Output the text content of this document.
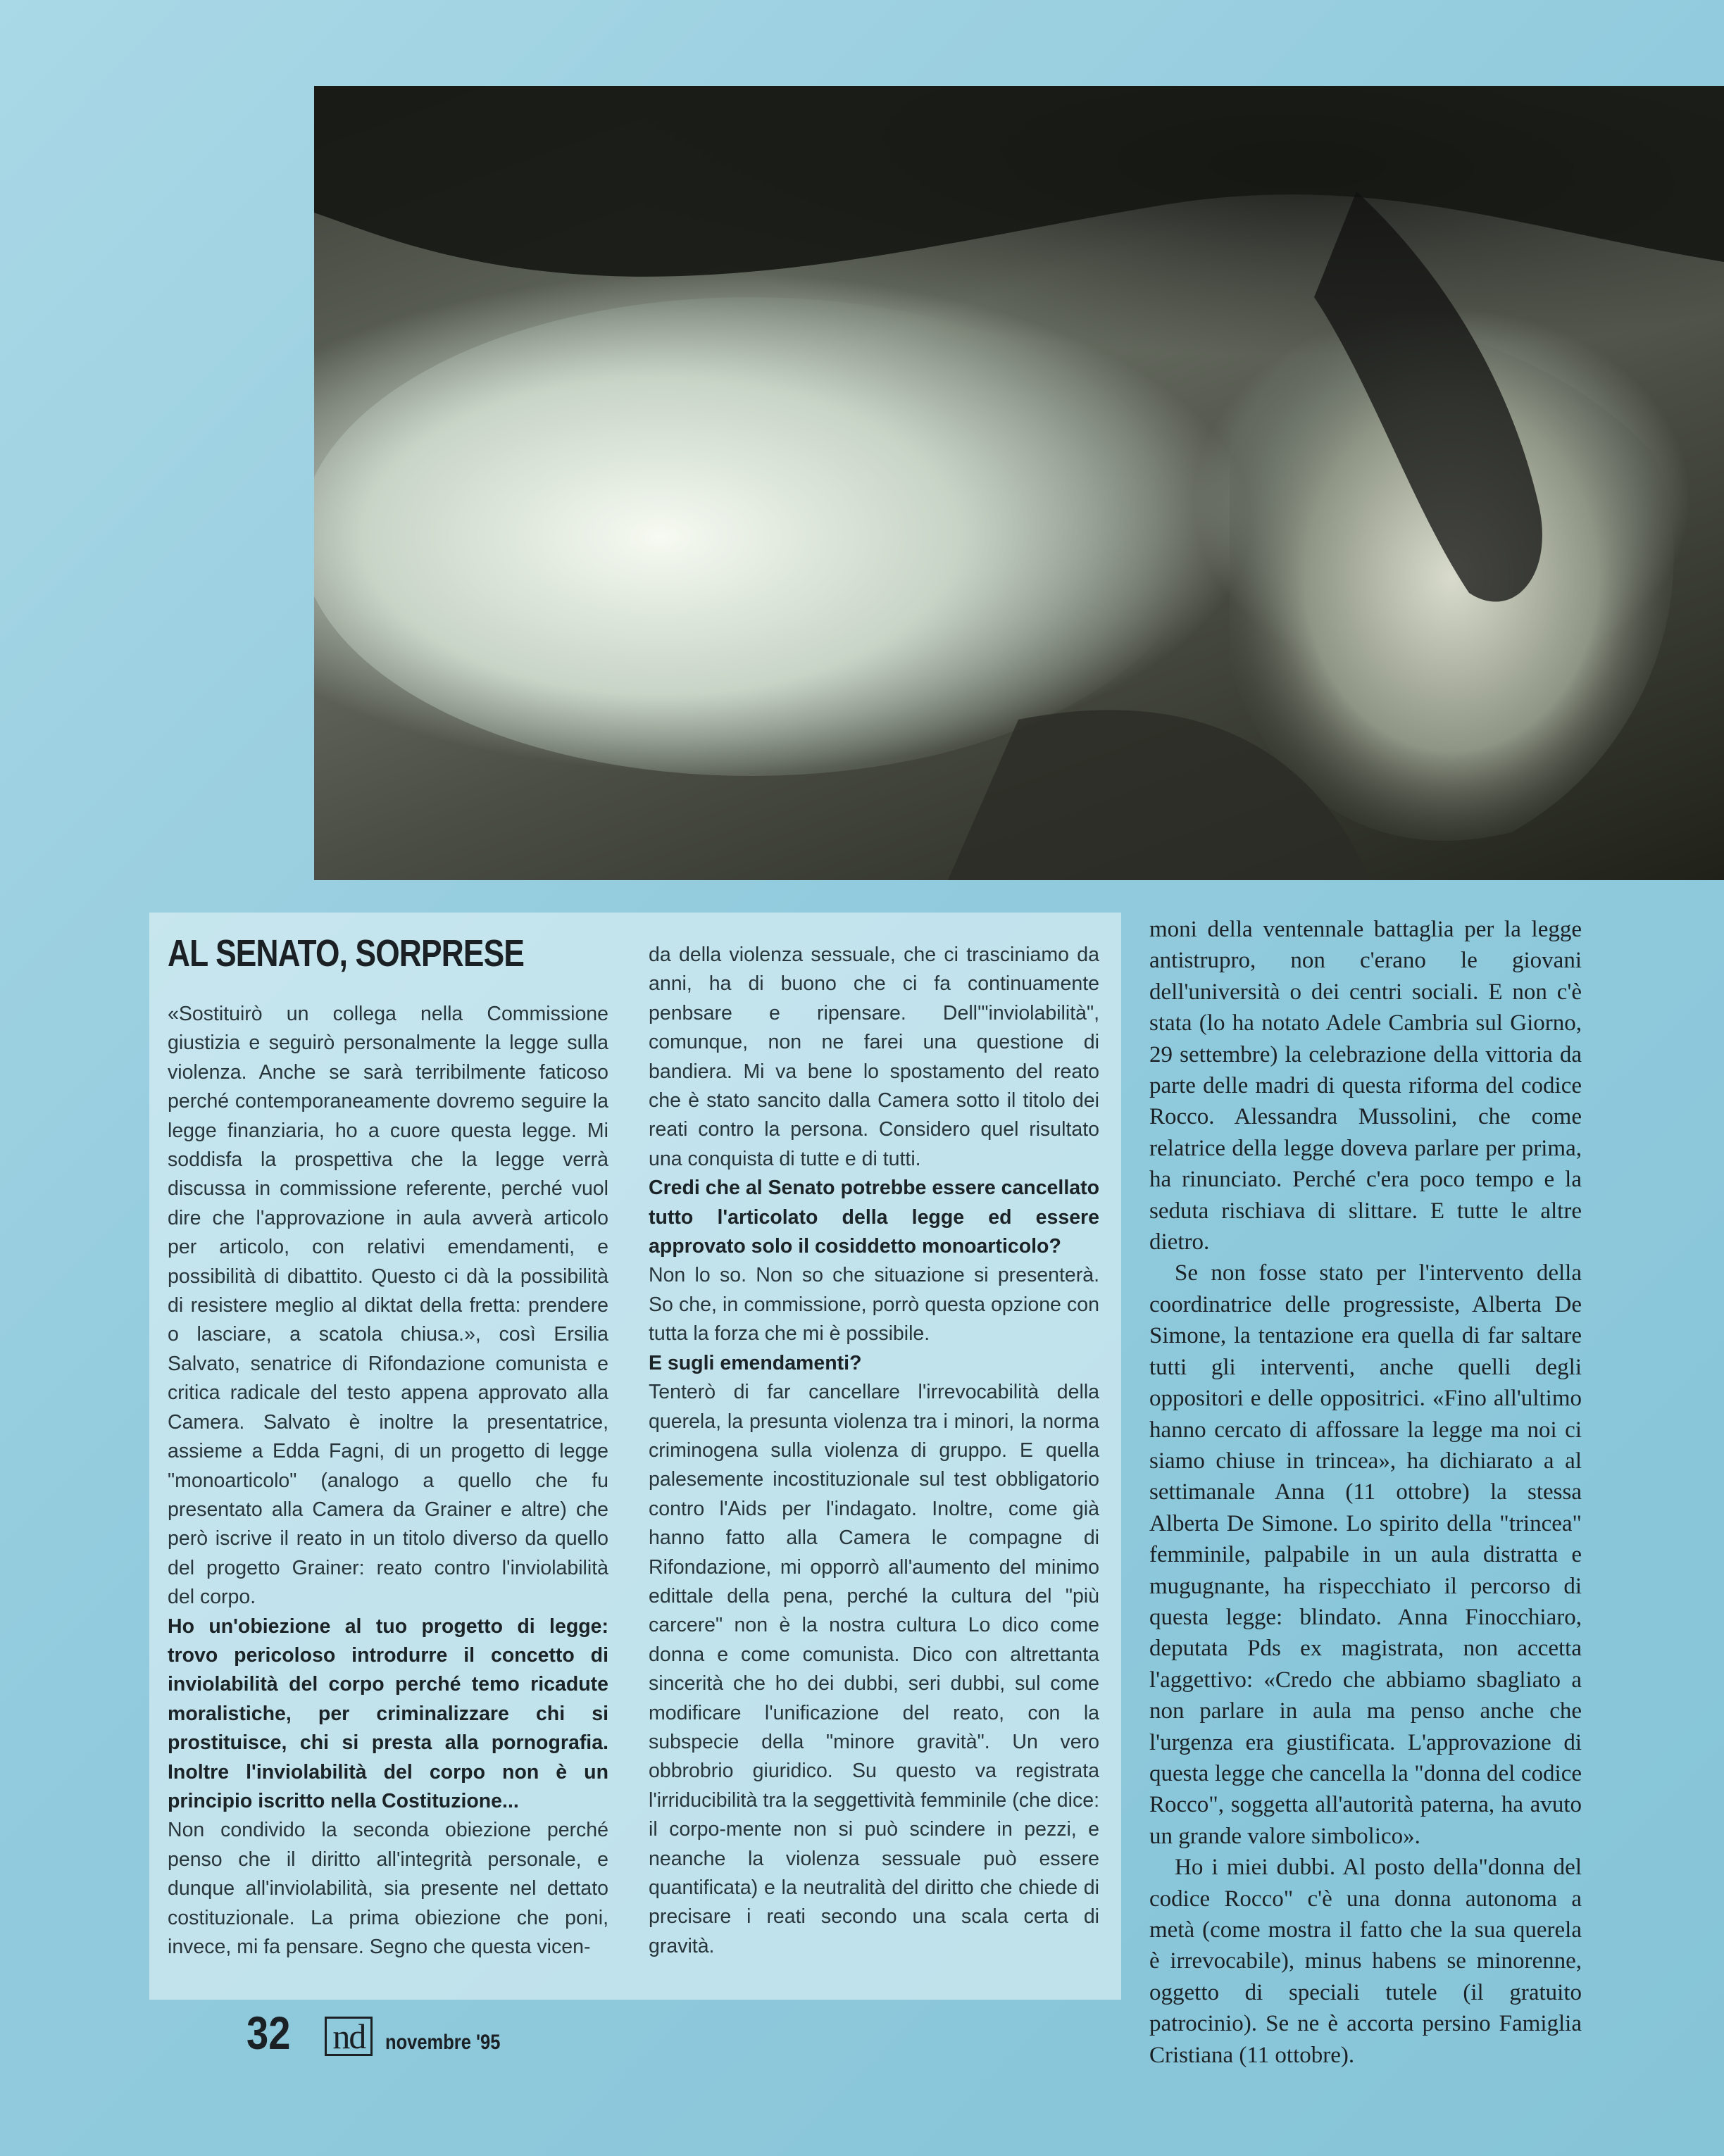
AL SENATO, SORPRESE

«Sostituirò un collega nella Commissione giustizia e seguirò personalmente la legge sulla violenza. Anche se sarà terribilmente faticoso perché contemporaneamente dovremo seguire la legge finanziaria, ho a cuore questa legge. Mi soddisfa la prospettiva che la legge verrà discussa in commissione referente, perché vuol dire che l'approvazione in aula avverà articolo per articolo, con relativi emendamenti, e possibilità di dibattito. Questo ci dà la possibilità di resistere meglio al diktat della fretta: prendere o lasciare, a scatola chiusa.», così Ersilia Salvato, senatrice di Rifondazione comunista e critica radicale del testo appena approvato alla Camera. Salvato è inoltre la presentatrice, assieme a Edda Fagni, di un progetto di legge "monoarticolo" (analogo a quello che fu presentato alla Camera da Grainer e altre) che però iscrive il reato in un titolo diverso da quello del progetto Grainer: reato contro l'inviolabilità del corpo.

Ho un'obiezione al tuo progetto di legge: trovo pericoloso introdurre il concetto di inviolabilità del corpo perché temo ricadute moralistiche, per criminalizzare chi si prostituisce, chi si presta alla pornografia. Inoltre l'inviolabilità del corpo non è un principio iscritto nella Costituzione...

Non condivido la seconda obiezione perché penso che il diritto all'integrità personale, e dunque all'inviolabilità, sia presente nel dettato costituzionale. La prima obiezione che poni, invece, mi fa pensare. Segno che questa vicen-

da della violenza sessuale, che ci trasciniamo da anni, ha di buono che ci fa continuamente penbsare e ripensare. Dell'"inviolabilità", comunque, non ne farei una questione di bandiera. Mi va bene lo spostamento del reato che è stato sancito dalla Camera sotto il titolo dei reati contro la persona. Considero quel risultato una conquista di tutte e di tutti.

Credi che al Senato potrebbe essere cancellato tutto l'articolato della legge ed essere approvato solo il cosiddetto monoarticolo?

Non lo so. Non so che situazione si presenterà. So che, in commissione, porrò questa opzione con tutta la forza che mi è possibile.

E sugli emendamenti?

Tenterò di far cancellare l'irrevocabilità della querela, la presunta violenza tra i minori, la norma criminogena sulla violenza di gruppo. E quella palesemente incostituzionale sul test obbligatorio contro l'Aids per l'indagato. Inoltre, come già hanno fatto alla Camera le compagne di Rifondazione, mi opporrò all'aumento del minimo edittale della pena, perché la cultura del "più carcere" non è la nostra cultura Lo dico come donna e come comunista. Dico con altrettanta sincerità che ho dei dubbi, seri dubbi, sul come modificare l'unificazione del reato, con la subspecie della "minore gravità". Un vero obbrobrio giuridico. Su questo va registrata l'irriducibilità tra la seggettività femminile (che dice: il corpo-mente non si può scindere in pezzi, e neanche la violenza sessuale può essere quantificata) e la neutralità del diritto che chiede di precisare i reati secondo una scala certa di gravità.

moni della ventennale battaglia per la legge antistrupro, non c'erano le giovani dell'università o dei centri sociali. E non c'è stata (lo ha notato Adele Cambria sul Giorno, 29 settembre) la celebrazione della vittoria da parte delle madri di questa riforma del codice Rocco. Alessandra Mussolini, che come relatrice della legge doveva parlare per prima, ha rinunciato. Perché c'era poco tempo e la seduta rischiava di slittare. E tutte le altre dietro.

Se non fosse stato per l'intervento della coordinatrice delle progressiste, Alberta De Simone, la tentazione era quella di far saltare tutti gli interventi, anche quelli degli oppositori e delle oppositrici. «Fino all'ultimo hanno cercato di affossare la legge ma noi ci siamo chiuse in trincea», ha dichiarato a al settimanale Anna (11 ottobre) la stessa Alberta De Simone. Lo spirito della "trincea" femminile, palpabile in un aula distratta e mugugnante, ha rispecchiato il percorso di questa legge: blindato. Anna Finocchiaro, deputata Pds ex magistrata, non accetta l'aggettivo: «Credo che abbiamo sbagliato a non parlare in aula ma penso anche che l'urgenza era giustificata. L'approvazione di questa legge che cancella la "donna del codice Rocco", soggetta all'autorità paterna, ha avuto un grande valore simbolico».

Ho i miei dubbi. Al posto della"donna del codice Rocco" c'è una donna autonoma a metà (come mostra il fatto che la sua querela è irrevocabile), minus habens se minorenne, oggetto di speciali tutele (il gratuito patrocinio). Se ne è accorta persino Famiglia Cristiana (11 ottobre).

32 nd novembre '95
